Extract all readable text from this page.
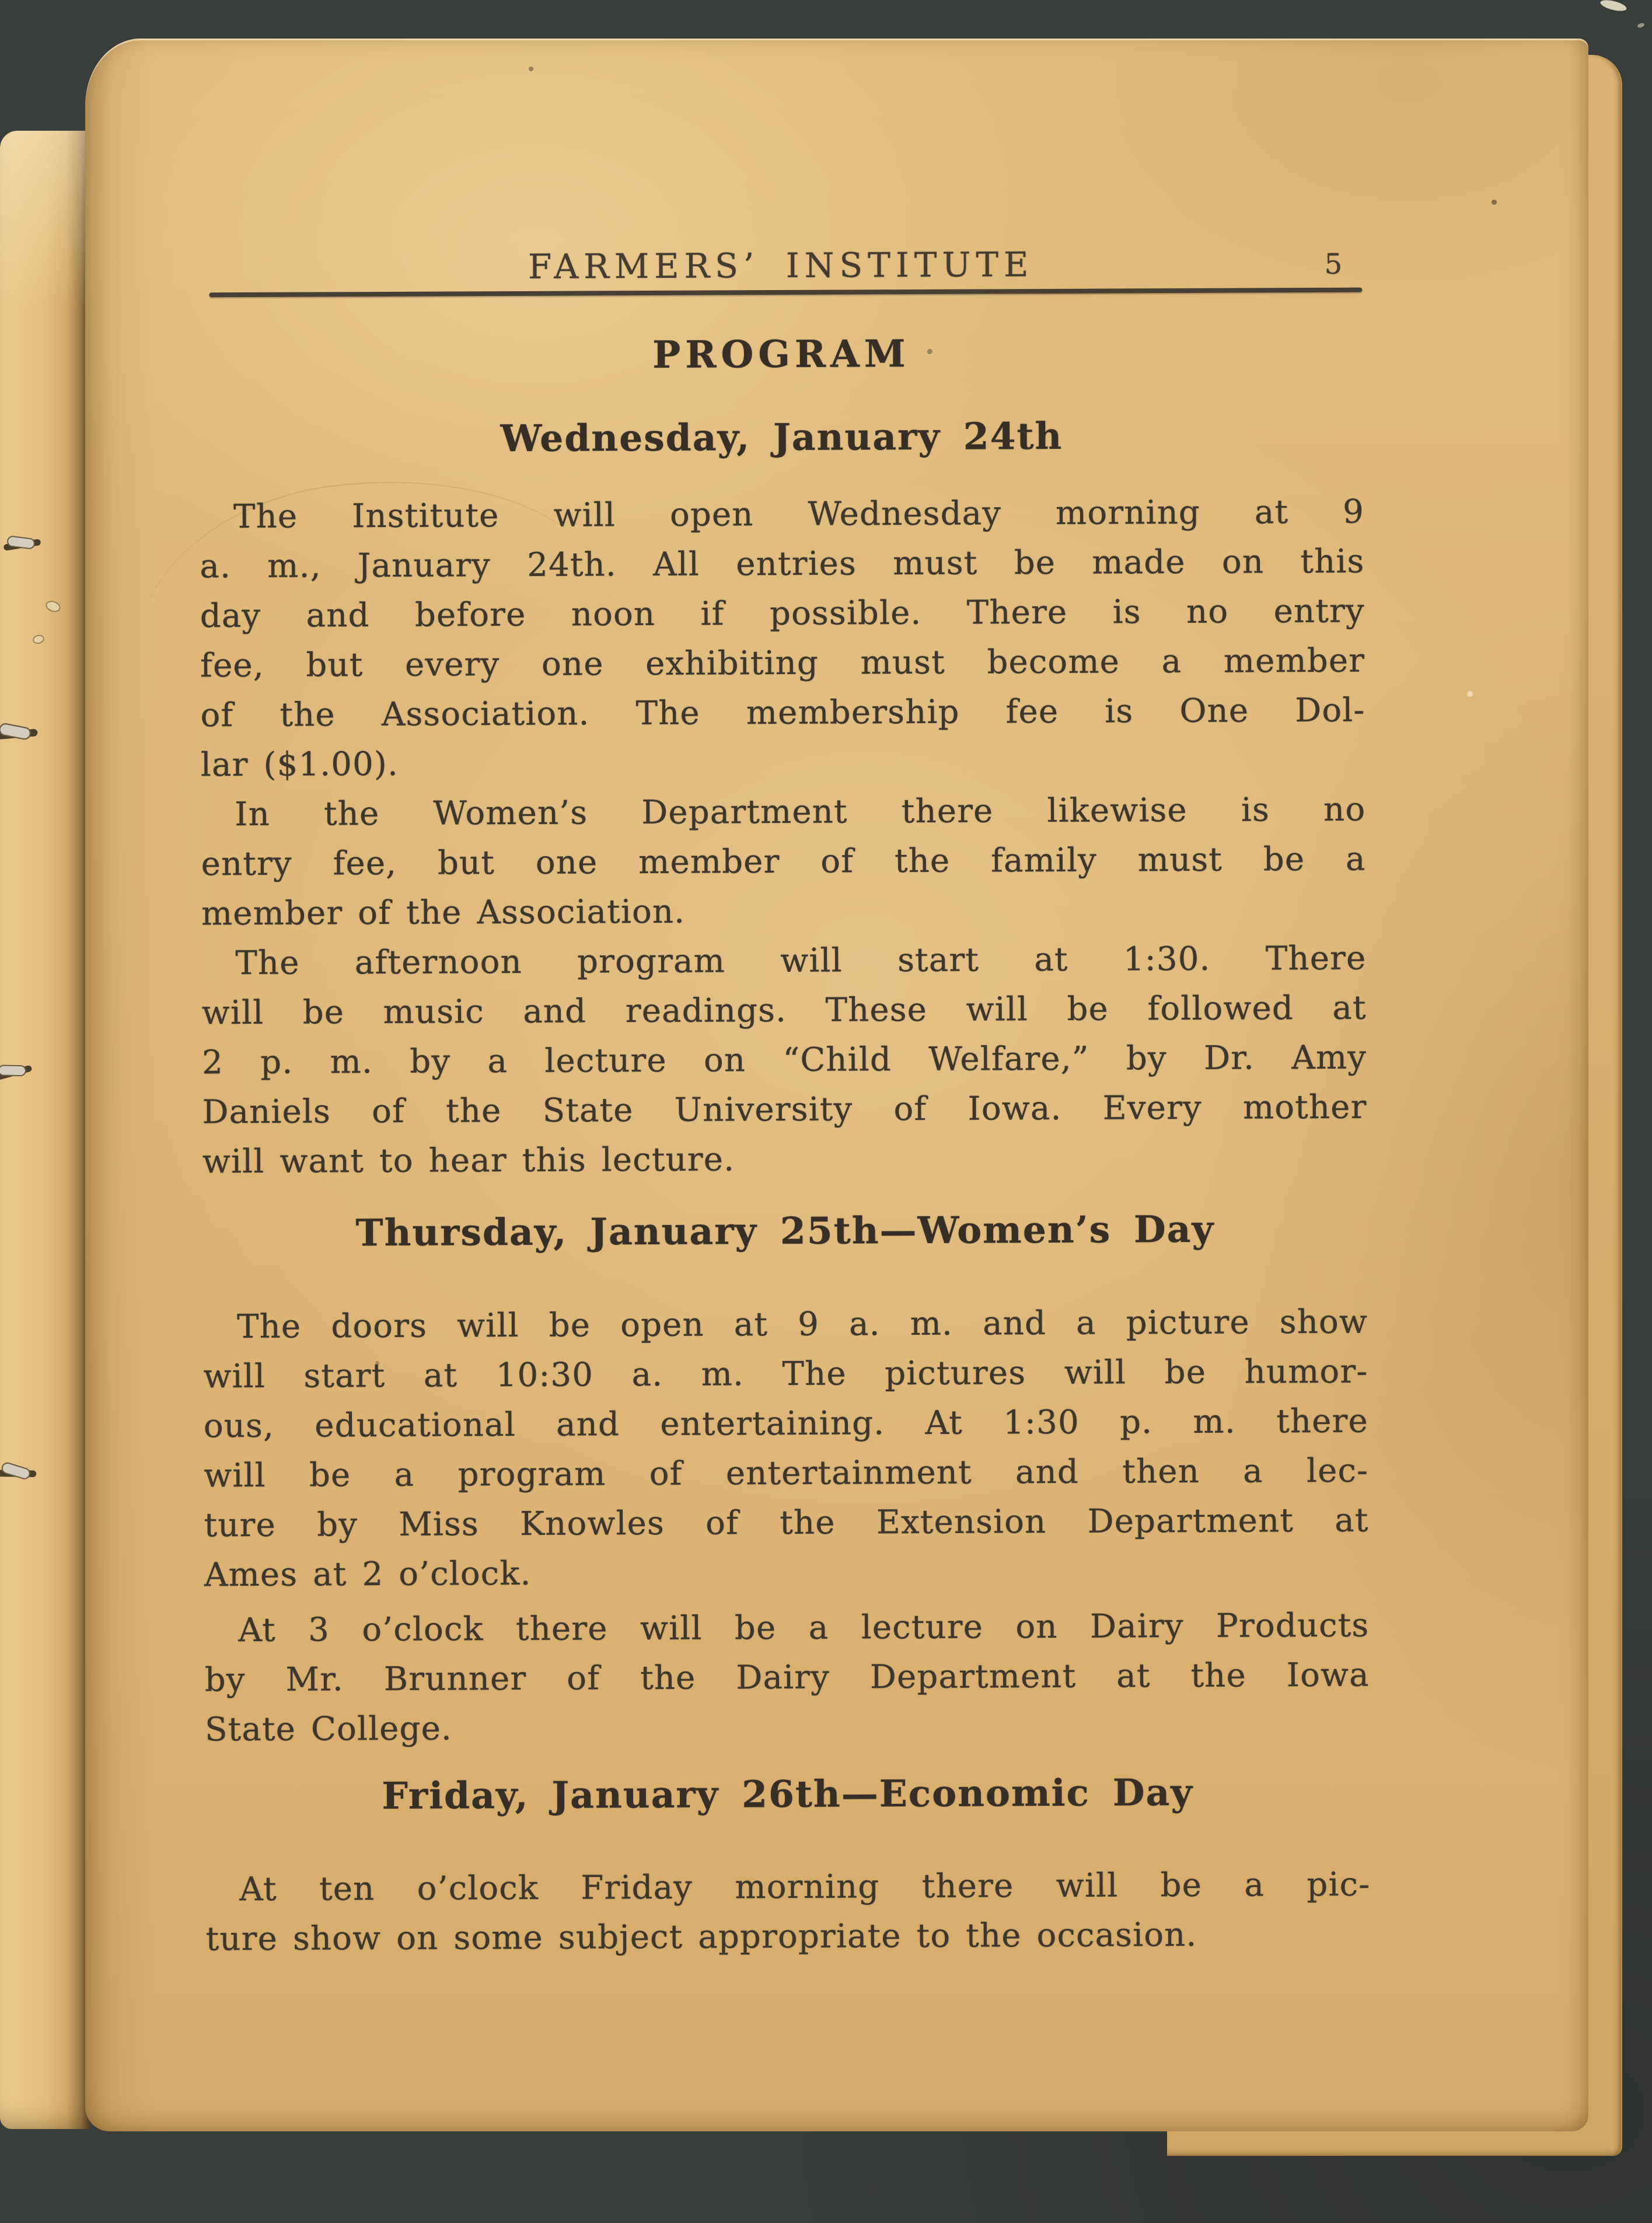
FARMERS’ INSTITUTE	5
PROGRAM
Wednesday, January 24th
The Institute will open Wednesday morning at 9
a. m., January 24th. All entries must be made on this
day and before noon if possible. There is no entry
fee, but every one exhibiting must become a member
of the Association. The membership fee is One Dol-
lar ($1.00).
In the Women’s Department there likewise is no
entry fee, but one member of the family must be a
member of the Association.
The afternoon program will start at 1:30. There
will be music and readings. These will be followed at
2 p. m. by a lecture on “Child Welfare,” by Dr. Amy
Daniels of the State University of Iowa. Every mother
will want to hear this lecture.
Thursday, January 25th—Women’s Day
The doors will be open at 9 a. m. and a picture show
will start at 10:30 a. m. The pictures will be humor-
ous, educational and entertaining. At 1:30 p. m. there
will be a program of entertainment and then a lec-
ture by Miss Knowles of the Extension Department at
Ames at 2 o’clock.
At 3 o’clock there will be a lecture on Dairy Products
by Mr. Brunner of the Dairy Department at the Iowa
State College.
Friday, January 26th—Economic Day
At ten o’clock Friday morning there will be a pic-
ture show on some subject appropriate to the occasion.
